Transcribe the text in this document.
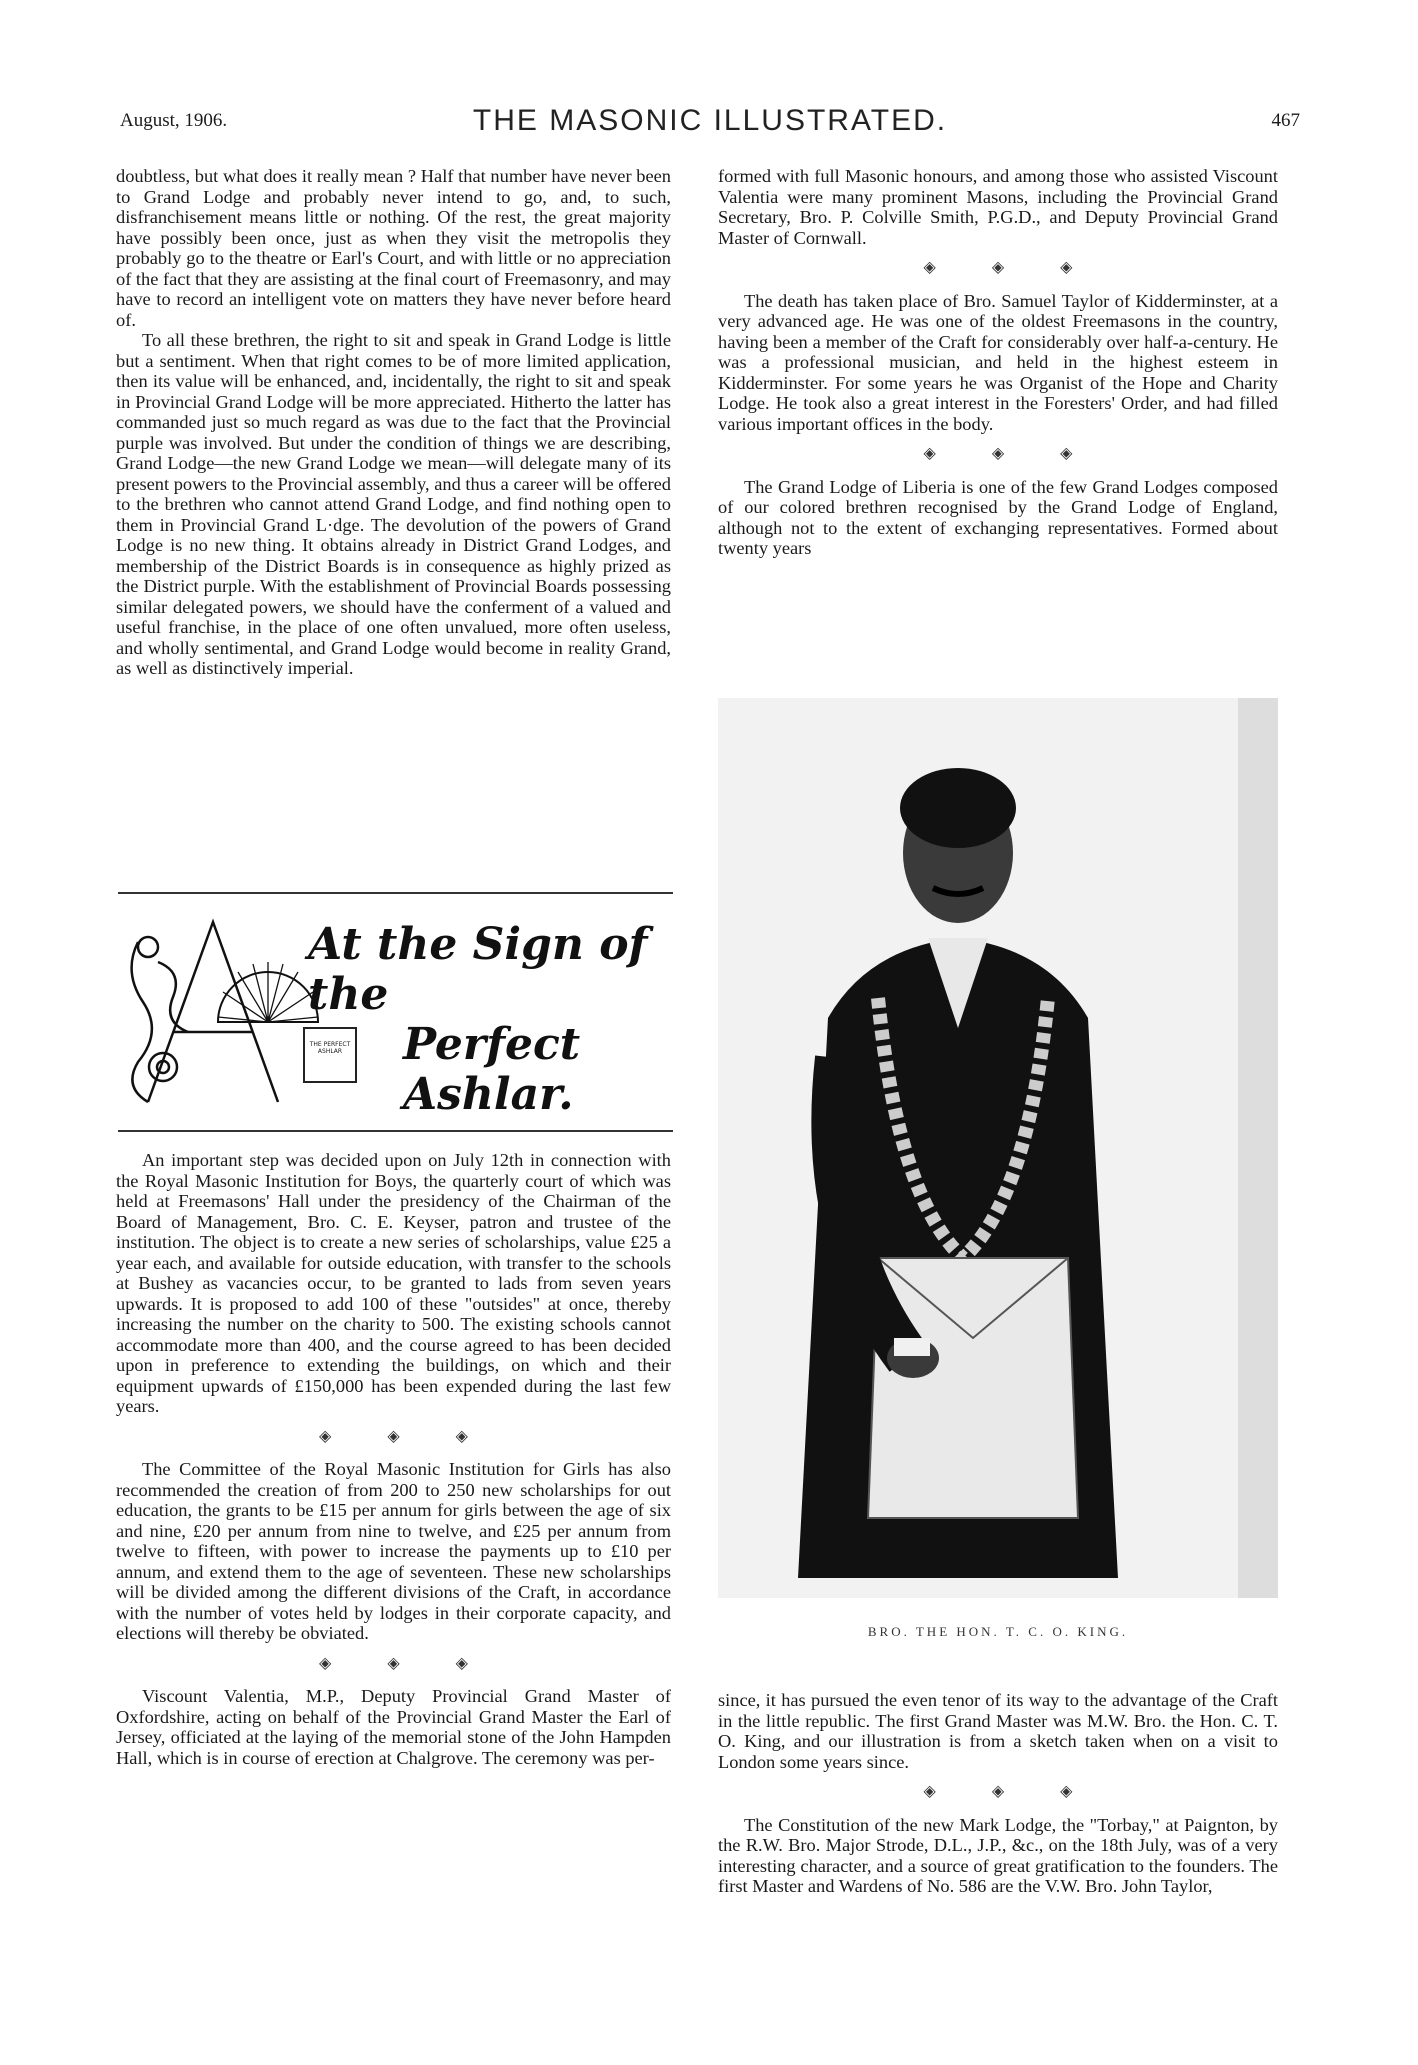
August, 1906.	THE MASONIC ILLUSTRATED.	467

doubtless, but what does it really mean ? Half that number have never been to Grand Lodge and probably never intend to go, and, to such, disfranchisement means little or nothing. Of the rest, the great majority have possibly been once, just as when they visit the metropolis they probably go to the theatre or Earl's Court, and with little or no appreciation of the fact that they are assisting at the final court of Freemasonry, and may have to record an intelligent vote on matters they have never before heard of.

To all these brethren, the right to sit and speak in Grand Lodge is little but a sentiment. When that right comes to be of more limited application, then its value will be enhanced, and, incidentally, the right to sit and speak in Provincial Grand Lodge will be more appreciated. Hitherto the latter has commanded just so much regard as was due to the fact that the Provincial purple was involved. But under the condition of things we are describing, Grand Lodge—the new Grand Lodge we mean—will delegate many of its present powers to the Provincial assembly, and thus a career will be offered to the brethren who cannot attend Grand Lodge, and find nothing open to them in Provincial Grand L·dge. The devolution of the powers of Grand Lodge is no new thing. It obtains already in District Grand Lodges, and membership of the District Boards is in consequence as highly prized as the District purple. With the establishment of Provincial Boards possessing similar delegated powers, we should have the conferment of a valued and useful franchise, in the place of one often unvalued, more often useless, and wholly sentimental, and Grand Lodge would become in reality Grand, as well as distinctively imperial.

At the Sign of the
Perfect Ashlar.
THE PERFECT ASHLAR

An important step was decided upon on July 12th in connection with the Royal Masonic Institution for Boys, the quarterly court of which was held at Freemasons' Hall under the presidency of the Chairman of the Board of Management, Bro. C. E. Keyser, patron and trustee of the institution. The object is to create a new series of scholarships, value £25 a year each, and available for outside education, with transfer to the schools at Bushey as vacancies occur, to be granted to lads from seven years upwards. It is proposed to add 100 of these "outsides" at once, thereby increasing the number on the charity to 500. The existing schools cannot accommodate more than 400, and the course agreed to has been decided upon in preference to extending the buildings, on which and their equipment upwards of £150,000 has been expended during the last few years.

◈ ◈ ◈

The Committee of the Royal Masonic Institution for Girls has also recommended the creation of from 200 to 250 new scholarships for out education, the grants to be £15 per annum for girls between the age of six and nine, £20 per annum from nine to twelve, and £25 per annum from twelve to fifteen, with power to increase the payments up to £10 per annum, and extend them to the age of seventeen. These new scholarships will be divided among the different divisions of the Craft, in accordance with the number of votes held by lodges in their corporate capacity, and elections will thereby be obviated.

◈ ◈ ◈

Viscount Valentia, M.P., Deputy Provincial Grand Master of Oxfordshire, acting on behalf of the Provincial Grand Master the Earl of Jersey, officiated at the laying of the memorial stone of the John Hampden Hall, which is in course of erection at Chalgrove. The ceremony was per-

formed with full Masonic honours, and among those who assisted Viscount Valentia were many prominent Masons, including the Provincial Grand Secretary, Bro. P. Colville Smith, P.G.D., and Deputy Provincial Grand Master of Cornwall.

◈ ◈ ◈

The death has taken place of Bro. Samuel Taylor of Kidderminster, at a very advanced age. He was one of the oldest Freemasons in the country, having been a member of the Craft for considerably over half-a-century. He was a professional musician, and held in the highest esteem in Kidderminster. For some years he was Organist of the Hope and Charity Lodge. He took also a great interest in the Foresters' Order, and had filled various important offices in the body.

◈ ◈ ◈

The Grand Lodge of Liberia is one of the few Grand Lodges composed of our colored brethren recognised by the Grand Lodge of England, although not to the extent of exchanging representatives. Formed about twenty years

BRO. THE HON. T. C. O. KING.

since, it has pursued the even tenor of its way to the advantage of the Craft in the little republic. The first Grand Master was M.W. Bro. the Hon. C. T. O. King, and our illustration is from a sketch taken when on a visit to London some years since.

◈ ◈ ◈

The Constitution of the new Mark Lodge, the "Torbay," at Paignton, by the R.W. Bro. Major Strode, D.L., J.P., &c., on the 18th July, was of a very interesting character, and a source of great gratification to the founders. The first Master and Wardens of No. 586 are the V.W. Bro. John Taylor,
